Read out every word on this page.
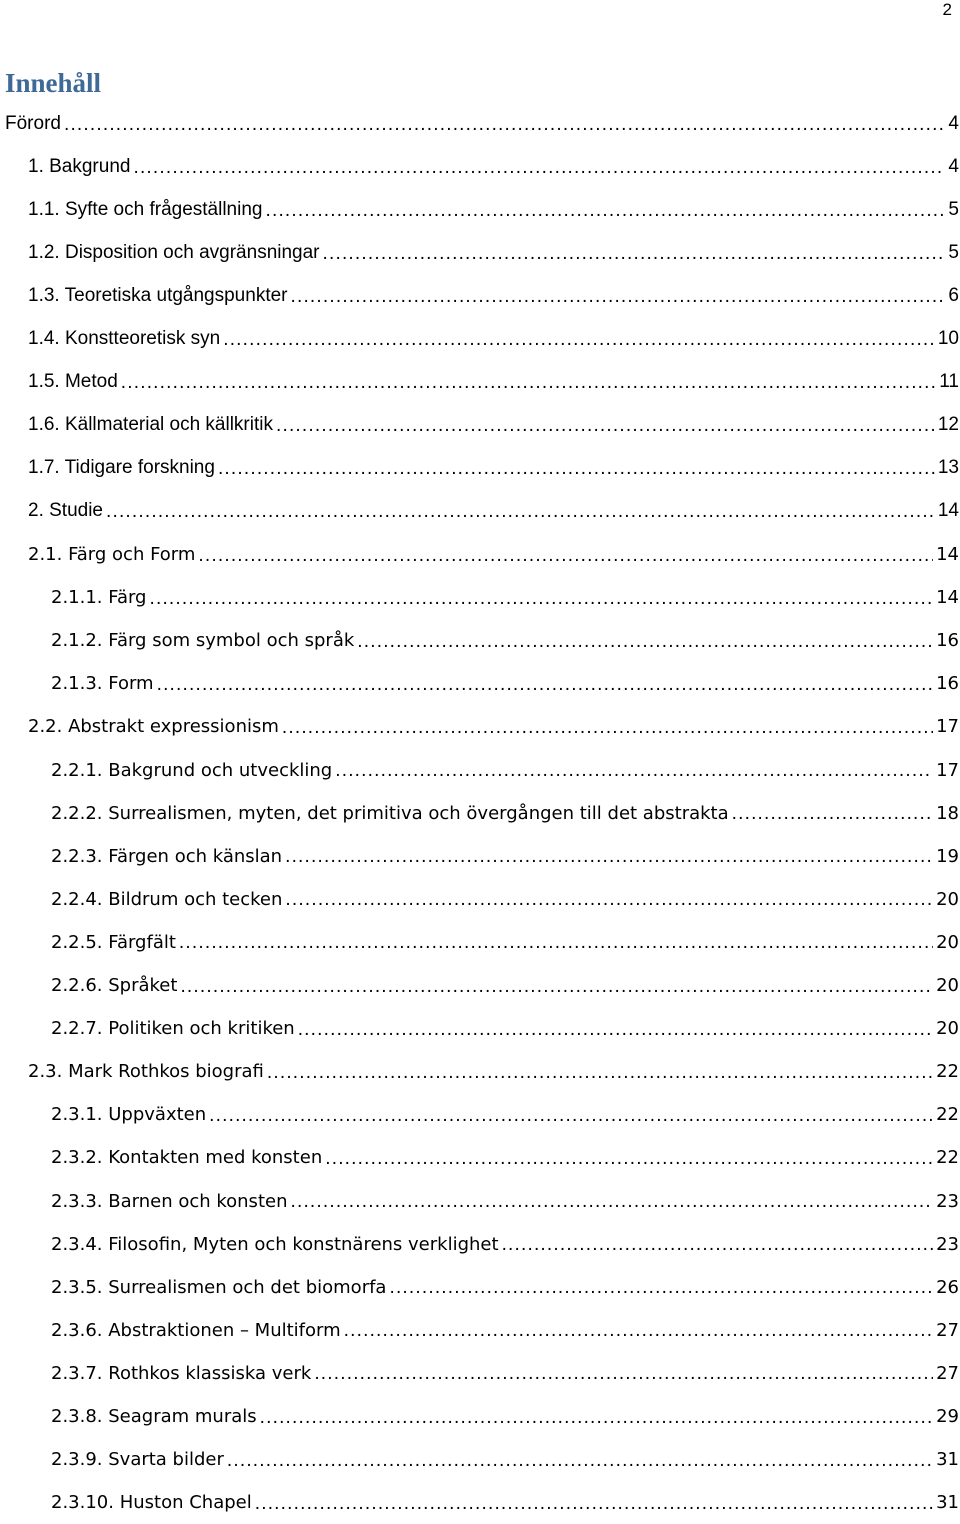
2
Innehåll
Förord .....	4
1. Bakgrund .....	4
1.1. Syfte och frågeställning .....	5
1.2. Disposition och avgränsningar .....	5
1.3. Teoretiska utgångspunkter .....	6
1.4. Konstteoretisk syn .....	10
1.5. Metod .....	11
1.6. Källmaterial och källkritik .....	12
1.7. Tidigare forskning .....	13
2. Studie .....	14
2.1. Färg och Form .....	14
2.1.1. Färg .....	14
2.1.2. Färg som symbol och språk .....	16
2.1.3. Form .....	16
2.2. Abstrakt expressionism .....	17
2.2.1. Bakgrund och utveckling .....	17
2.2.2. Surrealismen, myten, det primitiva och övergången till det abstrakta .....	18
2.2.3. Färgen och känslan .....	19
2.2.4. Bildrum och tecken .....	20
2.2.5. Färgfält .....	20
2.2.6. Språket .....	20
2.2.7. Politiken och kritiken .....	20
2.3. Mark Rothkos biografi .....	22
2.3.1. Uppväxten .....	22
2.3.2. Kontakten med konsten .....	22
2.3.3. Barnen och konsten .....	23
2.3.4. Filosofin, Myten och konstnärens verklighet .....	23
2.3.5. Surrealismen och det biomorfa .....	26
2.3.6. Abstraktionen – Multiform .....	27
2.3.7. Rothkos klassiska verk .....	27
2.3.8. Seagram murals .....	29
2.3.9. Svarta bilder .....	31
2.3.10. Huston Chapel .....	31
